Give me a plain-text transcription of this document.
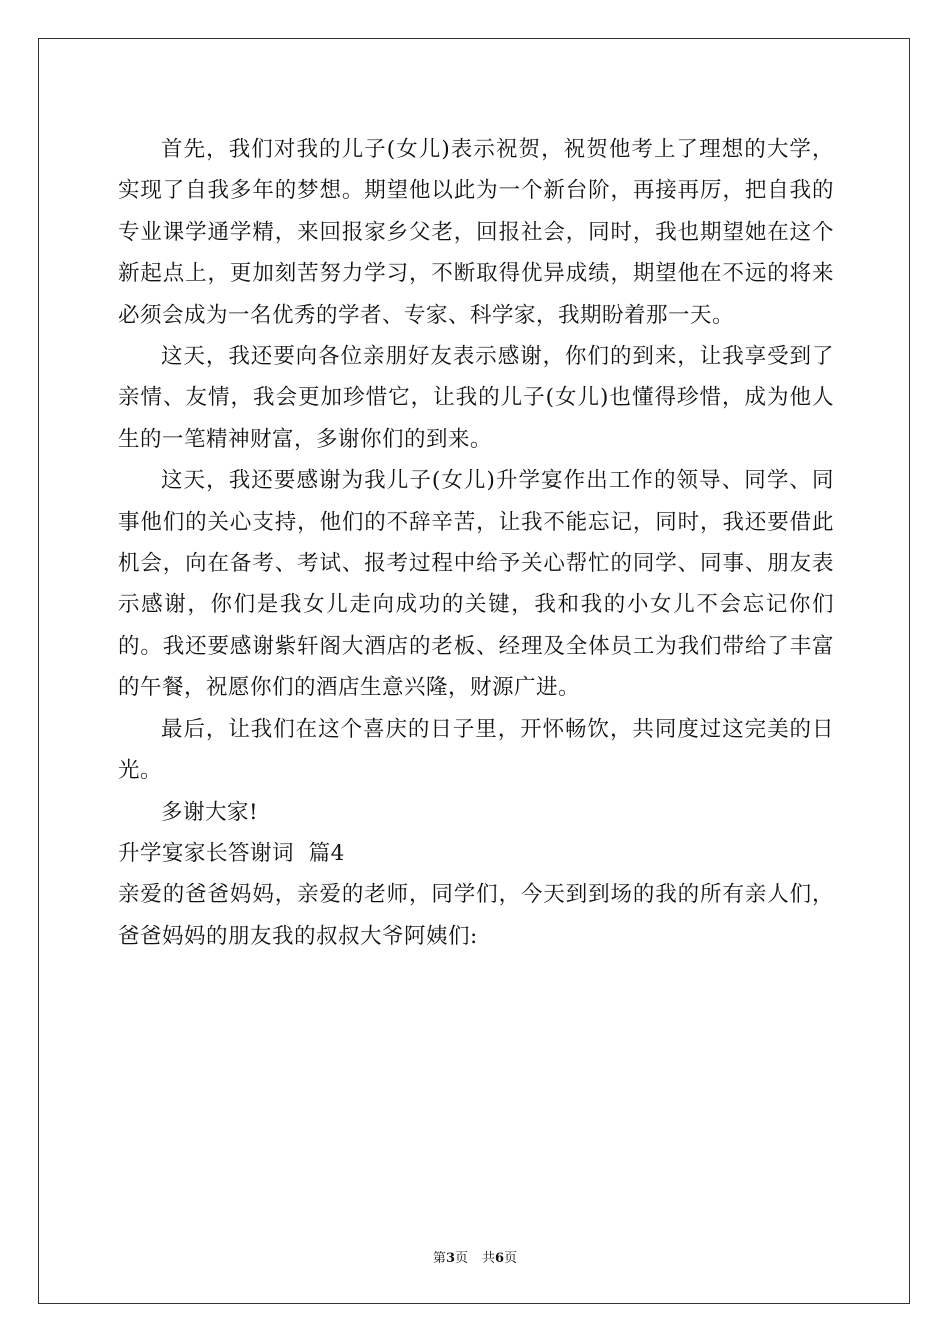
首先，我们对我的儿子(女儿)表示祝贺，祝贺他考上了理想的大学，实现了自我多年的梦想。期望他以此为一个新台阶，再接再厉，把自我的专业课学通学精，来回报家乡父老，回报社会，同时，我也期望她在这个新起点上，更加刻苦努力学习，不断取得优异成绩，期望他在不远的将来必须会成为一名优秀的学者、专家、科学家，我期盼着那一天。

这天，我还要向各位亲朋好友表示感谢，你们的到来，让我享受到了亲情、友情，我会更加珍惜它，让我的儿子(女儿)也懂得珍惜，成为他人生的一笔精神财富，多谢你们的到来。

这天，我还要感谢为我儿子(女儿)升学宴作出工作的领导、同学、同事他们的关心支持，他们的不辞辛苦，让我不能忘记，同时，我还要借此机会，向在备考、考试、报考过程中给予关心帮忙的同学、同事、朋友表示感谢，你们是我女儿走向成功的关键，我和我的小女儿不会忘记你们的。我还要感谢紫轩阁大酒店的老板、经理及全体员工为我们带给了丰富的午餐，祝愿你们的酒店生意兴隆，财源广进。

最后，让我们在这个喜庆的日子里，开怀畅饮，共同度过这完美的日光。

多谢大家!

升学宴家长答谢词  篇4

亲爱的爸爸妈妈，亲爱的老师，同学们，今天到到场的我的所有亲人们，爸爸妈妈的朋友我的叔叔大爷阿姨们:

第3页 共6页
